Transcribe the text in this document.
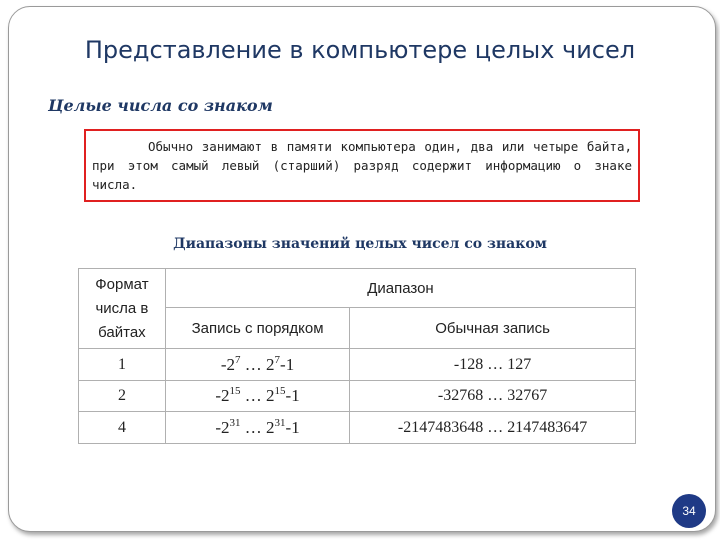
Представление в компьютере целых чисел
Целые числа со знаком
Обычно занимают в памяти компьютера один, два или четыре байта, при этом самый левый (старший) разряд содержит информацию о знаке числа.
Диапазоны значений целых чисел со знаком
Формат числа в байтах	Диапазон	
	Запись с порядком	Обычная запись
1	$-2^7$ … $2^7-1$	-128 … 127
2	$-2^{15}$ … $2^{15}-1$	-32768 … 32767
4	$-2^{31}$ … $2^{31}-1$	-2147483648 … 2147483647
34
